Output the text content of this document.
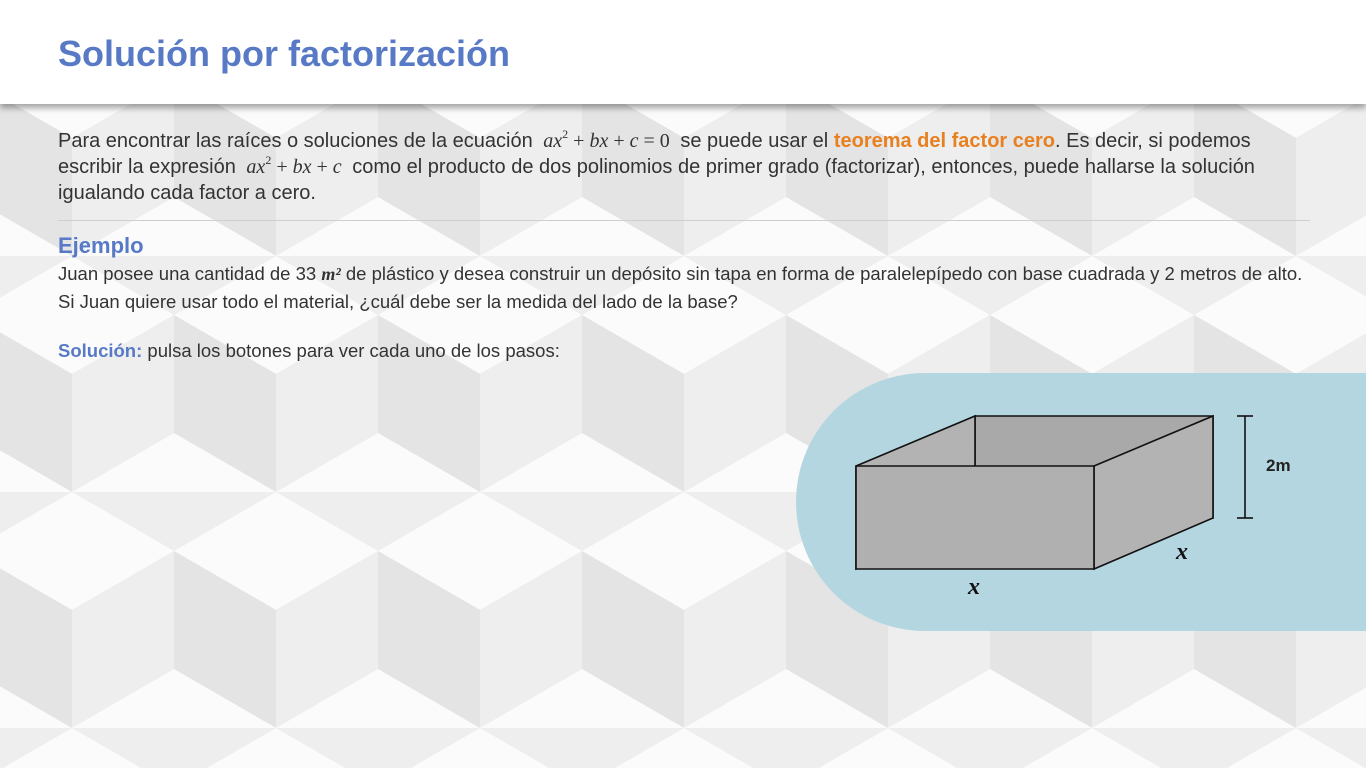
Solución por factorización

Para encontrar las raíces o soluciones de la ecuación $ax^2$ + bx + c = 0 se puede usar el teorema del factor cero. Es decir, si podemos escribir la expresión $ax^2$ + bx + c como el producto de dos polinomios de primer grado (factorizar), entonces, puede hallarse la solución igualando cada factor a cero.

Ejemplo

Juan posee una cantidad de 33 m² de plástico y desea construir un depósito sin tapa en forma de paralelepípedo con base cuadrada y 2 metros de alto. Si Juan quiere usar todo el material, ¿cuál debe ser la medida del lado de la base?

Solución: pulsa los botones para ver cada uno de los pasos:

2m
x
x
